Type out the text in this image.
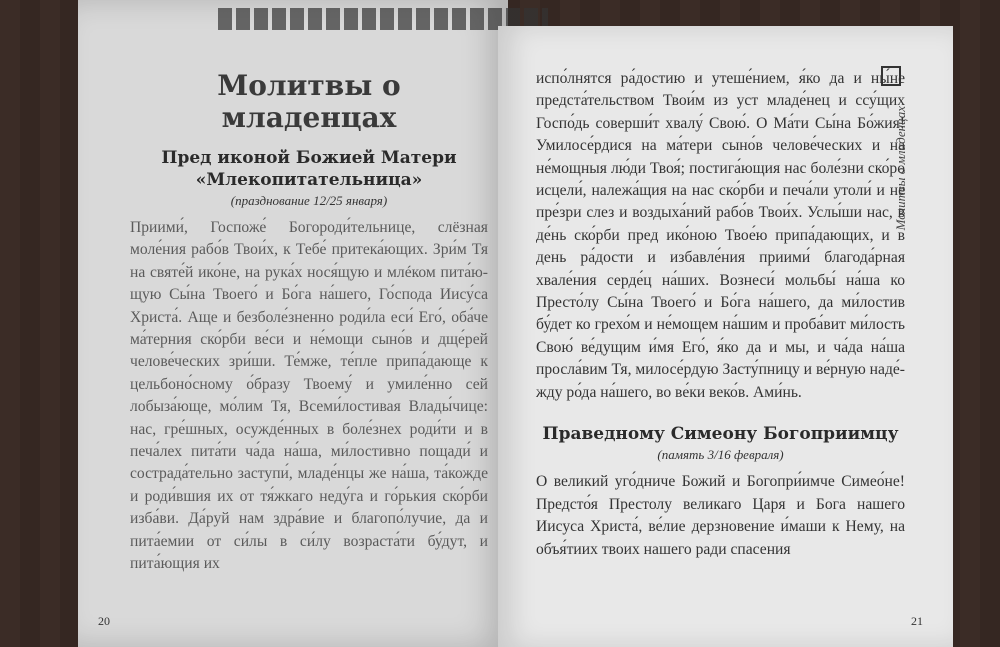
Молитвы о младенцах
Пред иконой Божией Матери «Млекопитательница»
(празднование 12/25 января)
Приими́, Госпоже́ Богороди́тельнице, слёзная моле́ния рабо́в Твои́х, к Тебе́ притека́ющих. Зри́м Тя на святе́й ико́не, на рука́х нося́щую и млéком пита́ющую Сы́на Твоего́ и Бо́га на́шего, Го́спода Иису́са Христа́. Аще и безболе́зненно роди́ла еси́ Его́, оба́че ма́терния ско́рби ве́си и не́мощи сыно́в и дще́рей челове́ческих зри́ши. Те́мже, те́пле припа́дающе к цельбоно́сному о́бразу Твоему́ и умиле́нно сей лобыза́юще, мо́лим Тя, Всеми́лостивая Влады́чице: нас, гре́шных, осужде́нных в боле́знех роди́ти и в печа́лех пита́ти ча́да на́ша, ми́лостивно пощади́ и сострада́тельно заступи́, младе́нцы же на́ша, та́кожде и роди́вшия их от тя́жкаго неду́га и го́рькия ско́рби изба́ви. Да́руй нам здра́вие и благопо́лучие, да и пита́емии от си́лы в си́лу возраста́ти бу́дут, и пита́ющия их
20
Молитвы о младенцах
испо́лнятся ра́достию и утеше́нием, я́ко да и ны́не предста́тельством Твои́м из уст младе́нец и ссу́щих Госпо́дь соверши́т хвалу́ Свою́. О Ма́ти Сы́на Бо́жия! Умилосе́рдися на ма́тери сыно́в челове́ческих и на не́мощныя лю́ди Твоя́; постига́ющия нас боле́зни ско́ро исцели́, належа́щия на нас ско́рби и печа́ли утоли́ и не пре́зри слез и воздыха́ний рабо́в Твои́х. Услы́ши нас, в де́нь ско́рби пред ико́ною Твое́ю припа́дающих, и в день ра́дости и избавле́ния приими́ благода́рная хвале́ния серде́ц на́ших. Вознеси́ мольбы́ на́ша ко Престо́лу Сы́на Твоего́ и Бо́га на́шего, да ми́лостив бу́дет ко грехо́м и не́мощем на́шим и проба́вит ми́лость Свою́ ве́дущим и́мя Его́, я́ко да и мы, и ча́да на́ша просла́вим Тя, милосе́рдую Засту́пницу и ве́рную наде́жду ро́да на́шего, во ве́ки веко́в. Ами́нь.
Праведному Симеону Богоприимцу
(память 3/16 февраля)
О великий уго́дниче Божий и Богопри́имче Симео́не! Предсто́я Престолу великаго Царя и Бога нашего Иисуса Христа́, ве́лие дерзновение и́маши к Нему, на объя́тиих твоих нашего ради спасения
21
